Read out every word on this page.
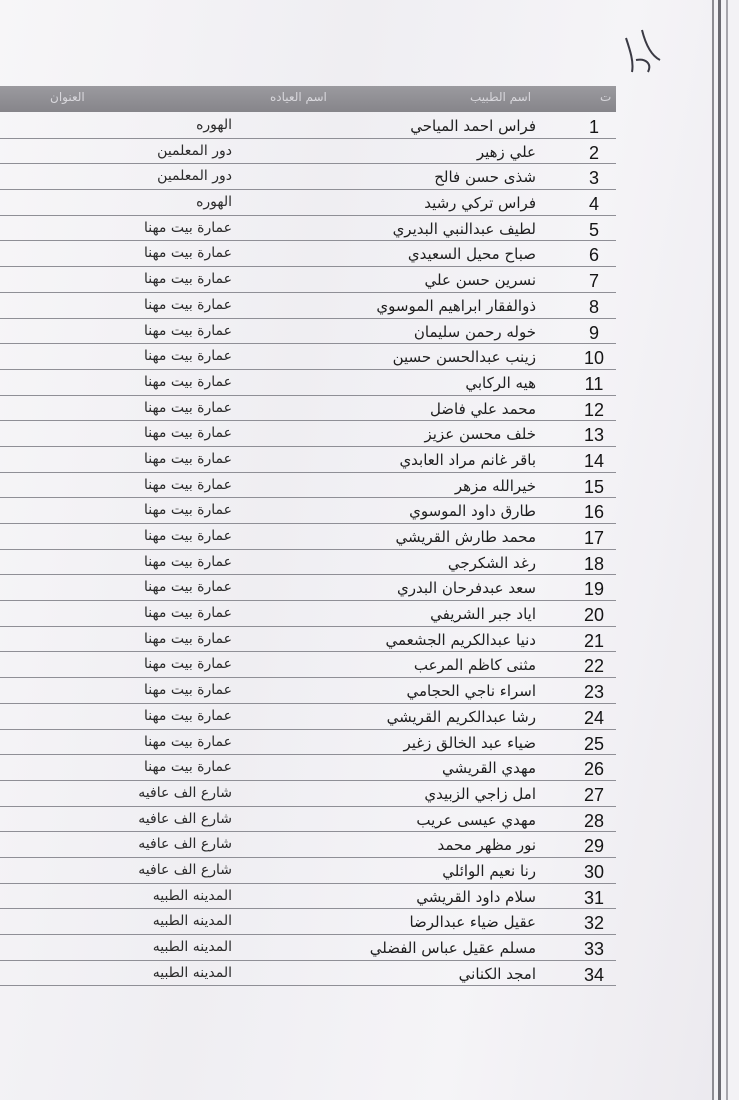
ت
اسم الطبيب
اسم العياده
العنوان
1
فراس احمد المياحي
الهوره
2
علي زهير
دور المعلمين
3
شذى حسن فالح
دور المعلمين
4
فراس تركي رشيد
الهوره
5
لطيف عبدالنبي البديري
عمارة بيت مهنا
6
صباح محيل السعيدي
عمارة بيت مهنا
7
نسرين حسن علي
عمارة بيت مهنا
8
ذوالفقار ابراهيم الموسوي
عمارة بيت مهنا
9
خوله رحمن سليمان
عمارة بيت مهنا
10
زينب عبدالحسن حسين
عمارة بيت مهنا
11
هيه الركابي
عمارة بيت مهنا
12
محمد علي فاضل
عمارة بيت مهنا
13
خلف محسن عزيز
عمارة بيت مهنا
14
باقر غانم مراد العابدي
عمارة بيت مهنا
15
خيرالله مزهر
عمارة بيت مهنا
16
طارق داود الموسوي
عمارة بيت مهنا
17
محمد طارش القريشي
عمارة بيت مهنا
18
رغد الشكرجي
عمارة بيت مهنا
19
سعد عبدفرحان البدري
عمارة بيت مهنا
20
اياد جبر الشريفي
عمارة بيت مهنا
21
دنيا عبدالكريم الجشعمي
عمارة بيت مهنا
22
مثنى كاظم المرعب
عمارة بيت مهنا
23
اسراء ناجي الحجامي
عمارة بيت مهنا
24
رشا عبدالكريم القريشي
عمارة بيت مهنا
25
ضياء عبد الخالق زغير
عمارة بيت مهنا
26
مهدي القريشي
عمارة بيت مهنا
27
امل زاجي الزبيدي
شارع الف عافيه
28
مهدي عيسى عريب
شارع الف عافيه
29
نور مظهر محمد
شارع الف عافيه
30
رنا نعيم الوائلي
شارع الف عافيه
31
سلام داود القريشي
المدينه الطبيه
32
عقيل ضياء عبدالرضا
المدينه الطبيه
33
مسلم عقيل عباس الفضلي
المدينه الطبيه
34
امجد الكناني
المدينه الطبيه
